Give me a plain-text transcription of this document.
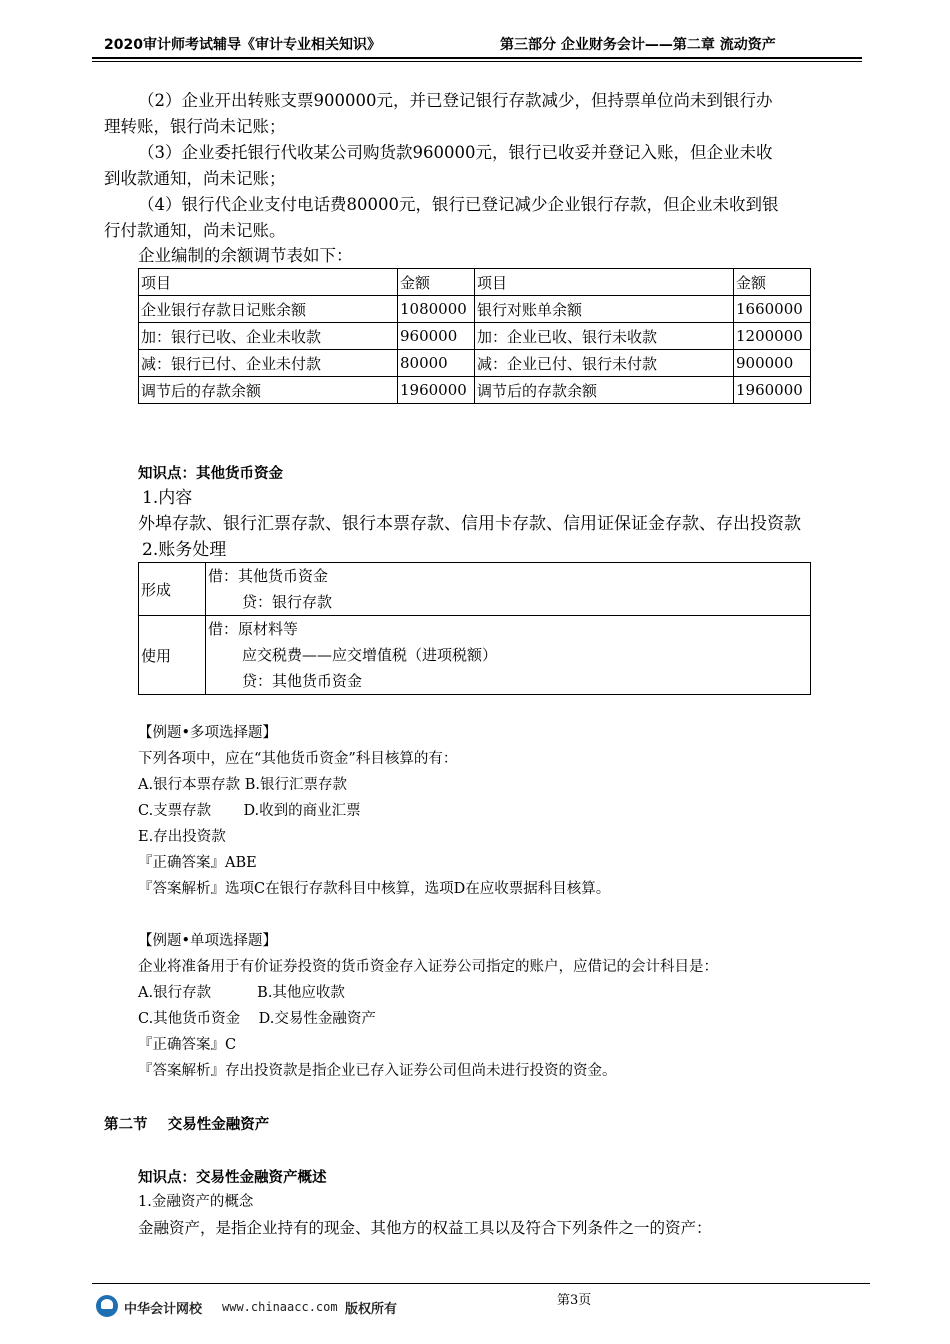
2020审计师考试辅导《审计专业相关知识》	第三部分 企业财务会计——第二章 流动资产
（2）企业开出转账支票900000元，并已登记银行存款减少，但持票单位尚未到银行办
理转账，银行尚未记账；
（3）企业委托银行代收某公司购货款960000元，银行已收妥并登记入账，但企业未收
到收款通知，尚未记账；
（4）银行代企业支付电话费80000元，银行已登记减少企业银行存款，但企业未收到银
行付款通知，尚未记账。
企业编制的余额调节表如下：
项目	金额	项目	金额
企业银行存款日记账余额	1080000	银行对账单余额	1660000
加：银行已收、企业未收款	960000	加：企业已收、银行未收款	1200000
减：银行已付、企业未付款	80000	减：企业已付、银行未付款	900000
调节后的存款余额	1960000	调节后的存款余额	1960000
知识点：其他货币资金
1.内容
外埠存款、银行汇票存款、银行本票存款、信用卡存款、信用证保证金存款、存出投资款
2.账务处理
形成	借：其他货币资金
贷：银行存款

使用	借：原材料等
应交税费——应交增值税（进项税额）
贷：其他货币资金
【例题•多项选择题】
下列各项中，应在“其他货币资金”科目核算的有：
A.银行本票存款 B.银行汇票存款
C.支票存款       D.收到的商业汇票
E.存出投资款
『正确答案』ABE
『答案解析』选项C在银行存款科目中核算，选项D在应收票据科目核算。
【例题•单项选择题】
企业将准备用于有价证券投资的货币资金存入证券公司指定的账户，应借记的会计科目是：
A.银行存款          B.其他应收款
C.其他货币资金    D.交易性金融资产
『正确答案』C
『答案解析』存出投资款是指企业已存入证券公司但尚未进行投资的资金。
第二节    交易性金融资产
知识点：交易性金融资产概述
1.金融资产的概念
金融资产，是指企业持有的现金、其他方的权益工具以及符合下列条件之一的资产：
第3页
中华会计网校 www.chinaacc.com 版权所有
